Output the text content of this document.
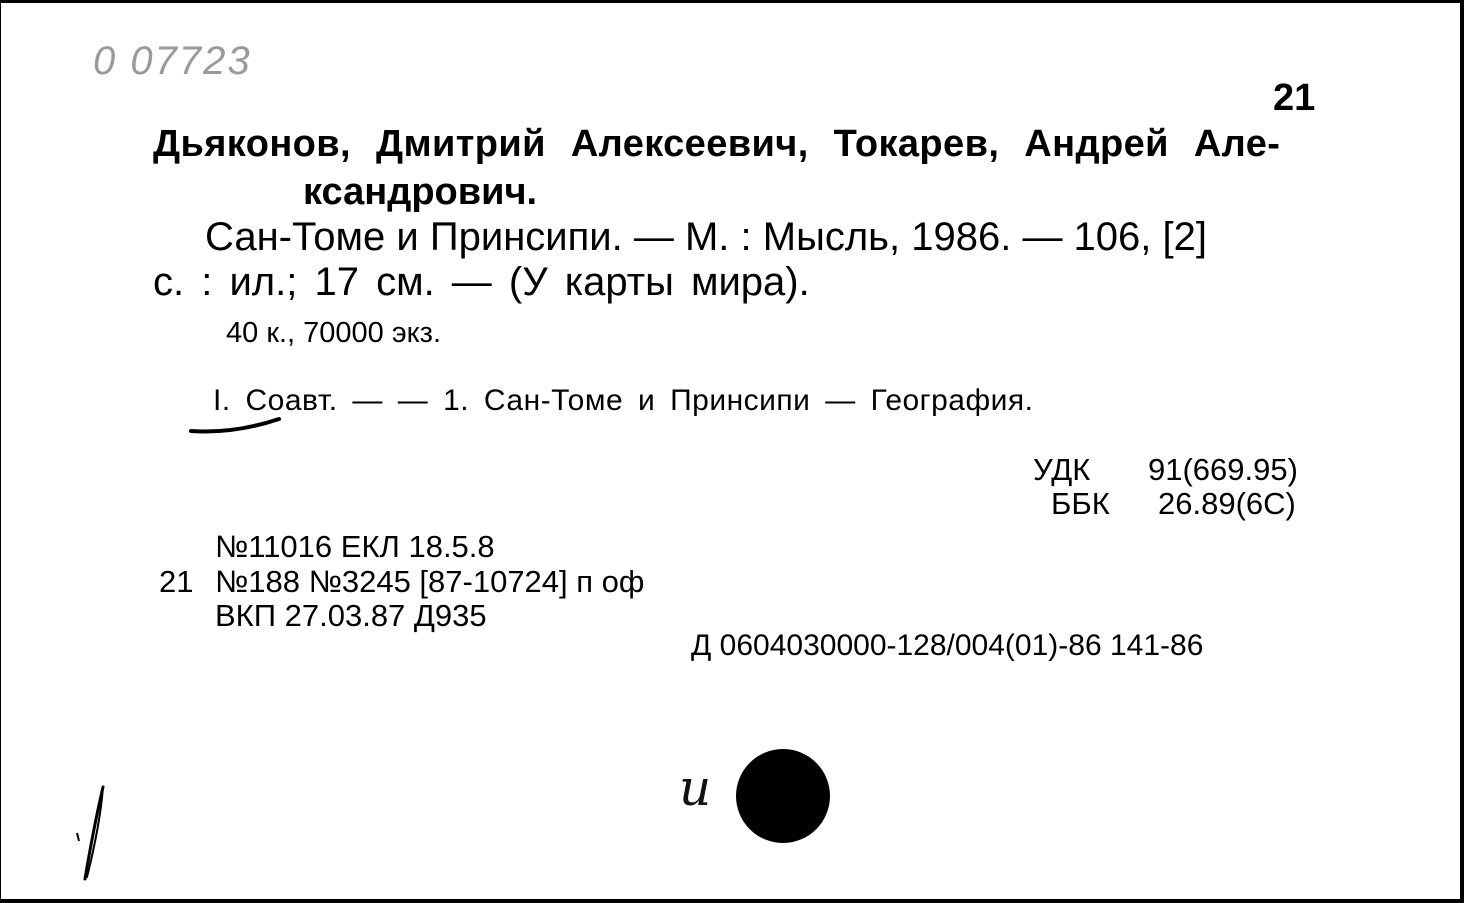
0 07723
21
Дьяконов, Дмитрий Алексеевич, Токарев, Андрей Але-
ксандрович.
Сан-Томе и Принсипи. — М. : Мысль, 1986. — 106, [2]
с. : ил.; 17 см. — (У карты мира).
40 к., 70000 экз.
I. Соавт. — — 1. Сан-Томе и Принсипи — География.
УДК 91(669.95)
ББК 26.89(6C)
№11016 ЕКЛ 18.5.8
21 №188 №3245 [87-10724] п оф
ВКП 27.03.87 Д935
Д 0604030000-128/004(01)-86 141-86
и
